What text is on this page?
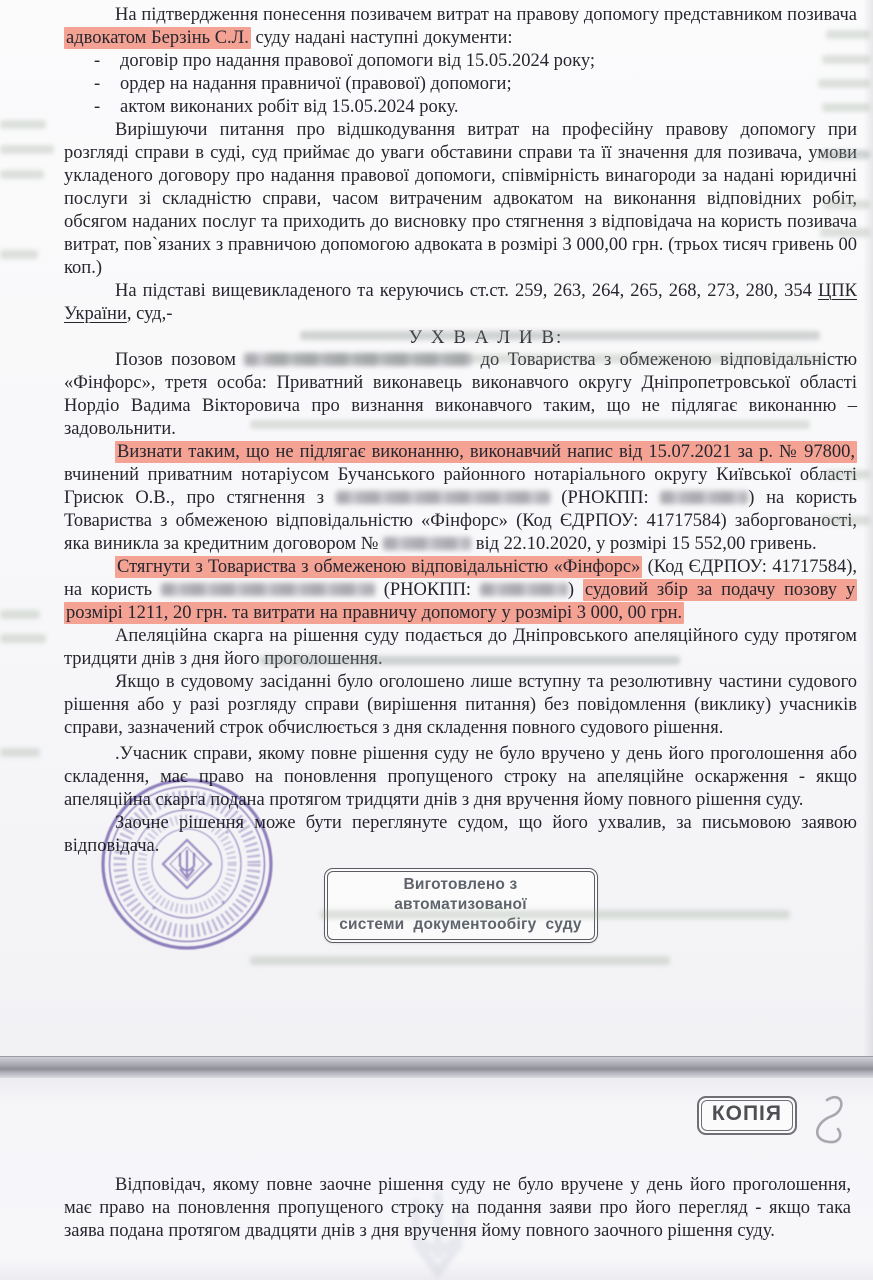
На підтвердження понесення позивачем витрат на правову допомогу представником позивача адвокатом Берзінь С.Л. суду надані наступні документи:

- договір про надання правової допомоги від 15.05.2024 року;
- ордер на надання правничої (правової) допомоги;
- актом виконаних робіт від 15.05.2024 року.

Вирішуючи питання про відшкодування витрат на професійну правову допомогу при розгляді справи в суді, суд приймає до уваги обставини справи та її значення для позивача, умови укладеного договору про надання правової допомоги, співмірність винагороди за надані юридичні послуги зі складністю справи, часом витраченим адвокатом на виконання відповідних робіт, обсягом наданих послуг та приходить до висновку про стягнення з відповідача на користь позивача витрат, пов`язаних з правничою допомогою адвоката в розмірі 3 000,00 грн. (трьох тисяч гривень 00 коп.)

На підставі вищевикладеного та керуючись ст.ст. 259, 263, 264, 265, 268, 273, 280, 354 ЦПК України, суд,-

У Х В А Л И В:

Позов позовом	до Товариства з обмеженою відповідальністю «Фінфорс», третя особа: Приватний виконавець виконавчого округу Дніпропетровської області Нордіо Вадима Вікторовича про визнання виконавчого таким, що не підлягає виконанню – задовольнити.

Визнати таким, що не підлягає виконанню, виконавчий напис від 15.07.2021 за р. № 97800, вчинений приватним нотаріусом Бучанського районного нотаріального округу Київської області Грисюк О.В., про стягнення з	(РНОКПП:	) на користь Товариства з обмеженою відповідальністю «Фінфорс» (Код ЄДРПОУ: 41717584) заборгованості, яка виникла за кредитним договором №	від 22.10.2020, у розмірі 15 552,00 гривень.

Стягнути з Товариства з обмеженою відповідальністю «Фінфорс» (Код ЄДРПОУ: 41717584), на користь	(РНОКПП:	) судовий збір за подачу позову у розмірі 1211, 20 грн. та витрати на правничу допомогу у розмірі 3 000, 00 грн.

Апеляційна скарга на рішення суду подається до Дніпровського апеляційного суду протягом тридцяти днів з дня його проголошення.

Якщо в судовому засіданні було оголошено лише вступну та резолютивну частини судового рішення або у разі розгляду справи (вирішення питання) без повідомлення (виклику) учасників справи, зазначений строк обчислюється з дня складення повного судового рішення.

.Учасник справи, якому повне рішення суду не було вручено у день його проголошення або складення, має право на поновлення пропущеного строку на апеляційне оскарження - якщо апеляційна скарга подана протягом тридцяти днів з дня вручення йому повного рішення суду.

Заочне рішення може бути переглянуте судом, що його ухвалив, за письмовою заявою відповідача.

Виготовлено з автоматизованої
системи  документообігу  суду
КОПІЯ

Відповідач, якому повне заочне рішення суду не було вручене у день його проголошення, має право на поновлення пропущеного строку на подання заяви про його перегляд - якщо така заява подана протягом двадцяти днів з дня вручення йому повного заочного рішення суду.
